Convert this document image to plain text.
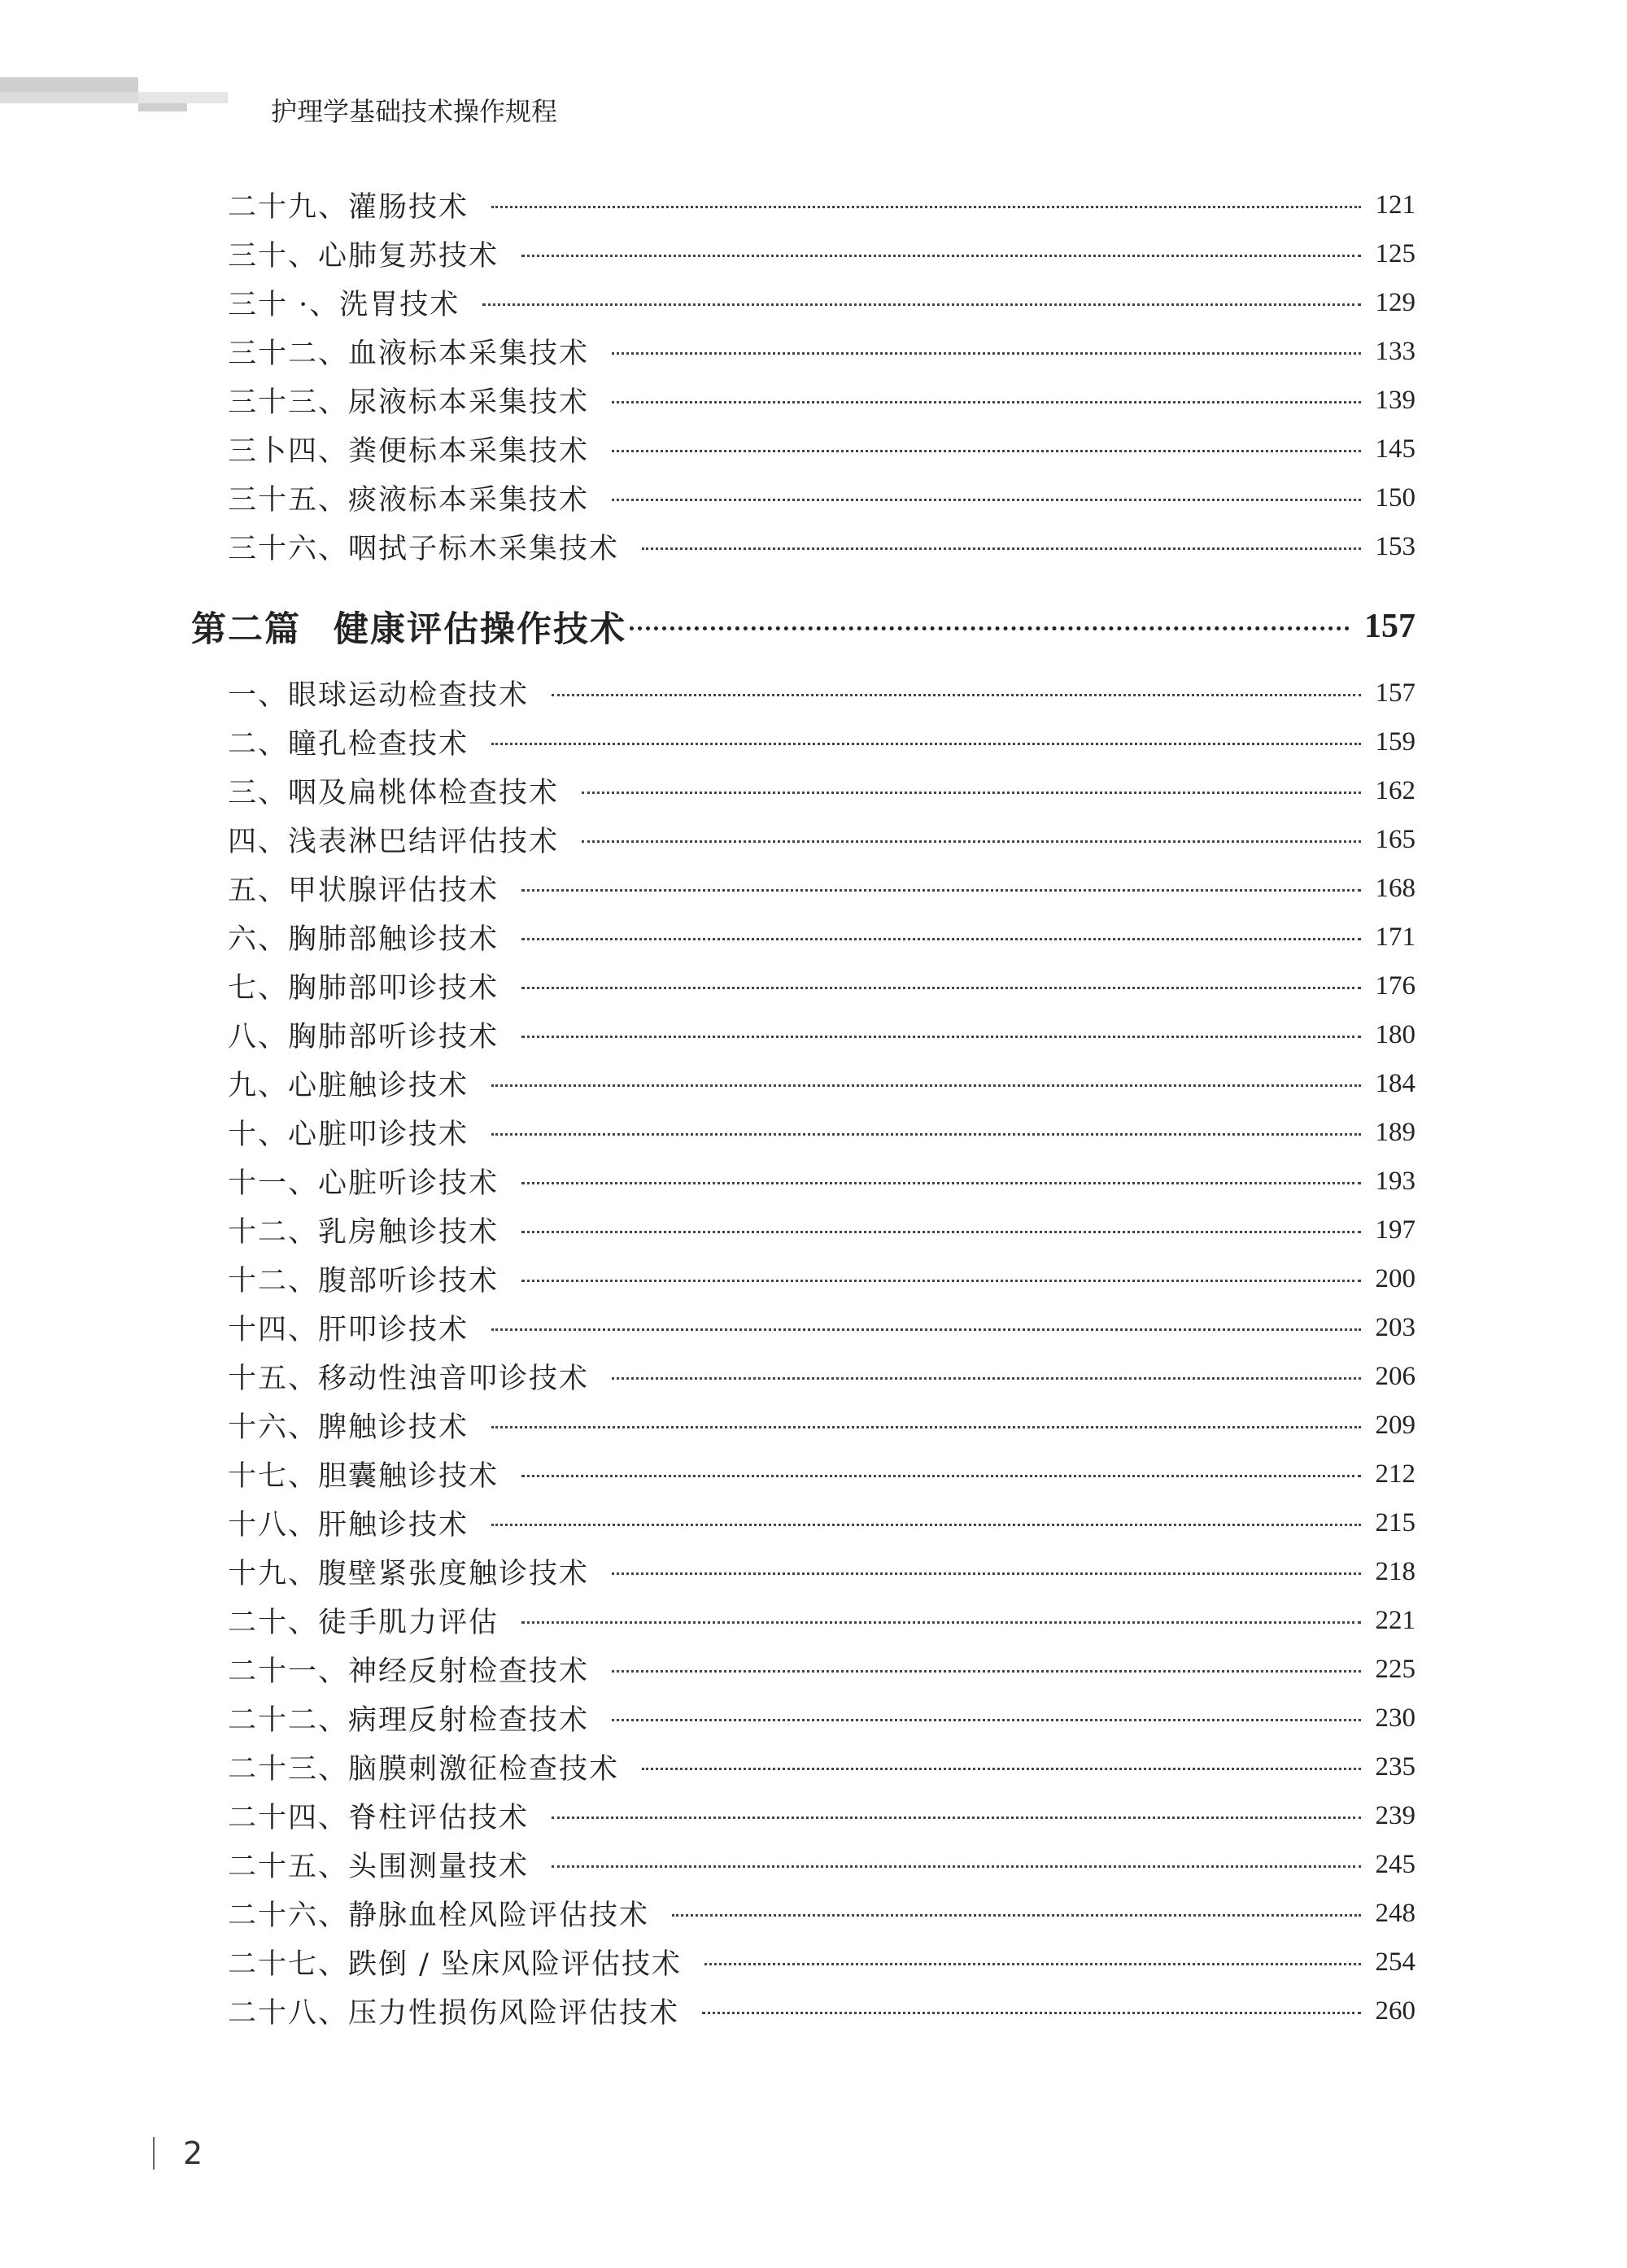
护理学基础技术操作规程
二十九、灌肠技术	121
三十、心肺复苏技术	125
三十 ·、洗胃技术	129
三十二、血液标本采集技术	133
三十三、尿液标本采集技术	139
三卜四、粪便标本采集技术	145
三十五、痰液标本采集技术	150
三十六、咽拭子标木采集技术	153
第二篇 健康评估操作技术	157
一、眼球运动检查技术	157
二、瞳孔检查技术	159
三、咽及扁桃体检查技术	162
四、浅表淋巴结评估技术	165
五、甲状腺评估技术	168
六、胸肺部触诊技术	171
七、胸肺部叩诊技术	176
八、胸肺部听诊技术	180
九、心脏触诊技术	184
十、心脏叩诊技术	189
十一、心脏听诊技术	193
十二、乳房触诊技术	197
十二、腹部听诊技术	200
十四、肝叩诊技术	203
十五、移动性浊音叩诊技术	206
十六、脾触诊技术	209
十七、胆囊触诊技术	212
十八、肝触诊技术	215
十九、腹壁紧张度触诊技术	218
二十、徒手肌力评估	221
二十一、神经反射检查技术	225
二十二、病理反射检查技术	230
二十三、脑膜刺激征检查技术	235
二十四、脊柱评估技术	239
二十五、头围测量技术	245
二十六、静脉血栓风险评估技术	248
二十七、跌倒 / 坠床风险评估技术	254
二十八、压力性损伤风险评估技术	260
2
